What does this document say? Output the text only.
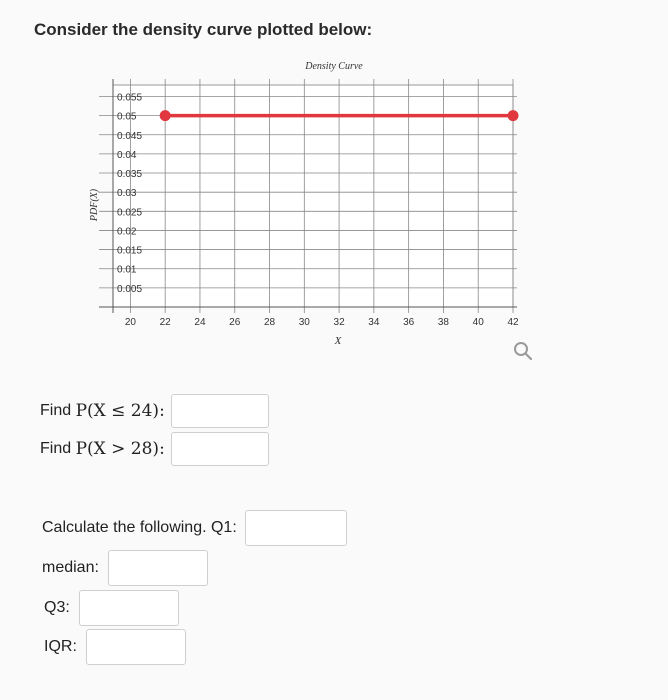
Consider the density curve plotted below:
20 22 24 26 28 30 32 34 36 38 40 42
0.005
0.01
0.015
0.02
0.025
0.03
0.035
0.04
0.045
0.05
0.055
Density Curve
X
PDF(X)
Find P(X ≤ 24):
Find P(X > 28):
Calculate the following. Q1:
median:
Q3:
IQR:
